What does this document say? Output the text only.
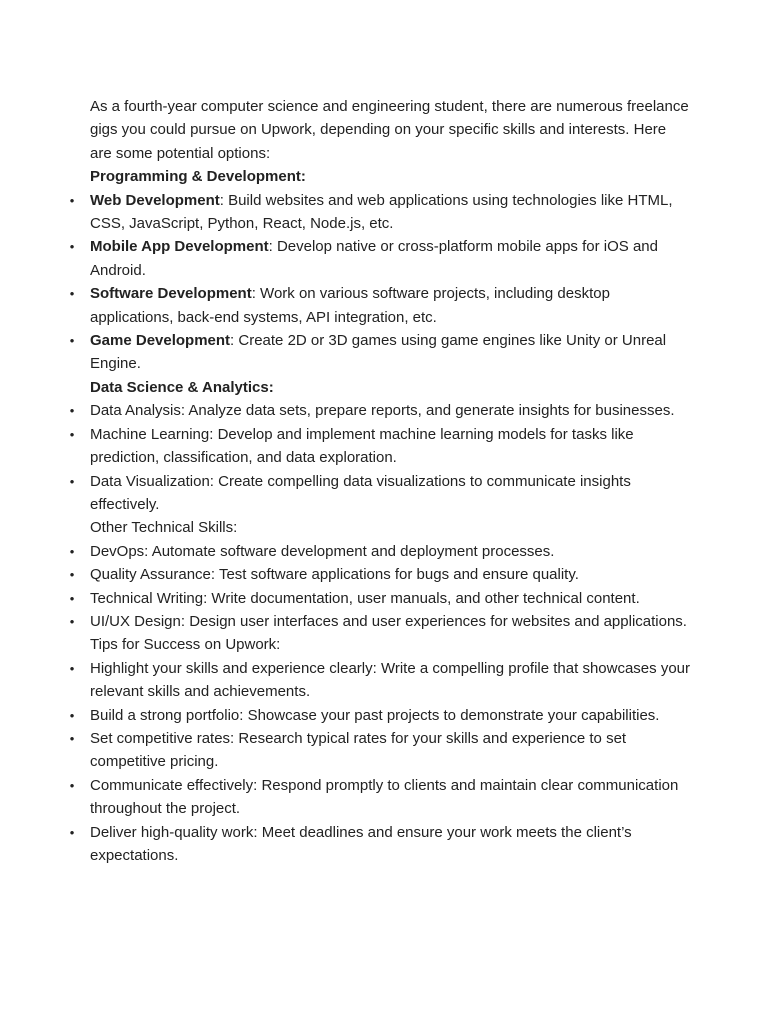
As a fourth-year computer science and engineering student, there are numerous freelance gigs you could pursue on Upwork, depending on your specific skills and interests. Here are some potential options:

Programming & Development:

• Web Development: Build websites and web applications using technologies like HTML, CSS, JavaScript, Python, React, Node.js, etc.
• Mobile App Development: Develop native or cross-platform mobile apps for iOS and Android.
• Software Development: Work on various software projects, including desktop applications, back-end systems, API integration, etc.
• Game Development: Create 2D or 3D games using game engines like Unity or Unreal Engine.

Data Science & Analytics:

• Data Analysis: Analyze data sets, prepare reports, and generate insights for businesses.
• Machine Learning: Develop and implement machine learning models for tasks like prediction, classification, and data exploration.
• Data Visualization: Create compelling data visualizations to communicate insights effectively.

Other Technical Skills:

• DevOps: Automate software development and deployment processes.
• Quality Assurance: Test software applications for bugs and ensure quality.
• Technical Writing: Write documentation, user manuals, and other technical content.
• UI/UX Design: Design user interfaces and user experiences for websites and applications.

Tips for Success on Upwork:

• Highlight your skills and experience clearly: Write a compelling profile that showcases your relevant skills and achievements.
• Build a strong portfolio: Showcase your past projects to demonstrate your capabilities.
• Set competitive rates: Research typical rates for your skills and experience to set competitive pricing.
• Communicate effectively: Respond promptly to clients and maintain clear communication throughout the project.
• Deliver high-quality work: Meet deadlines and ensure your work meets the client’s expectations.
